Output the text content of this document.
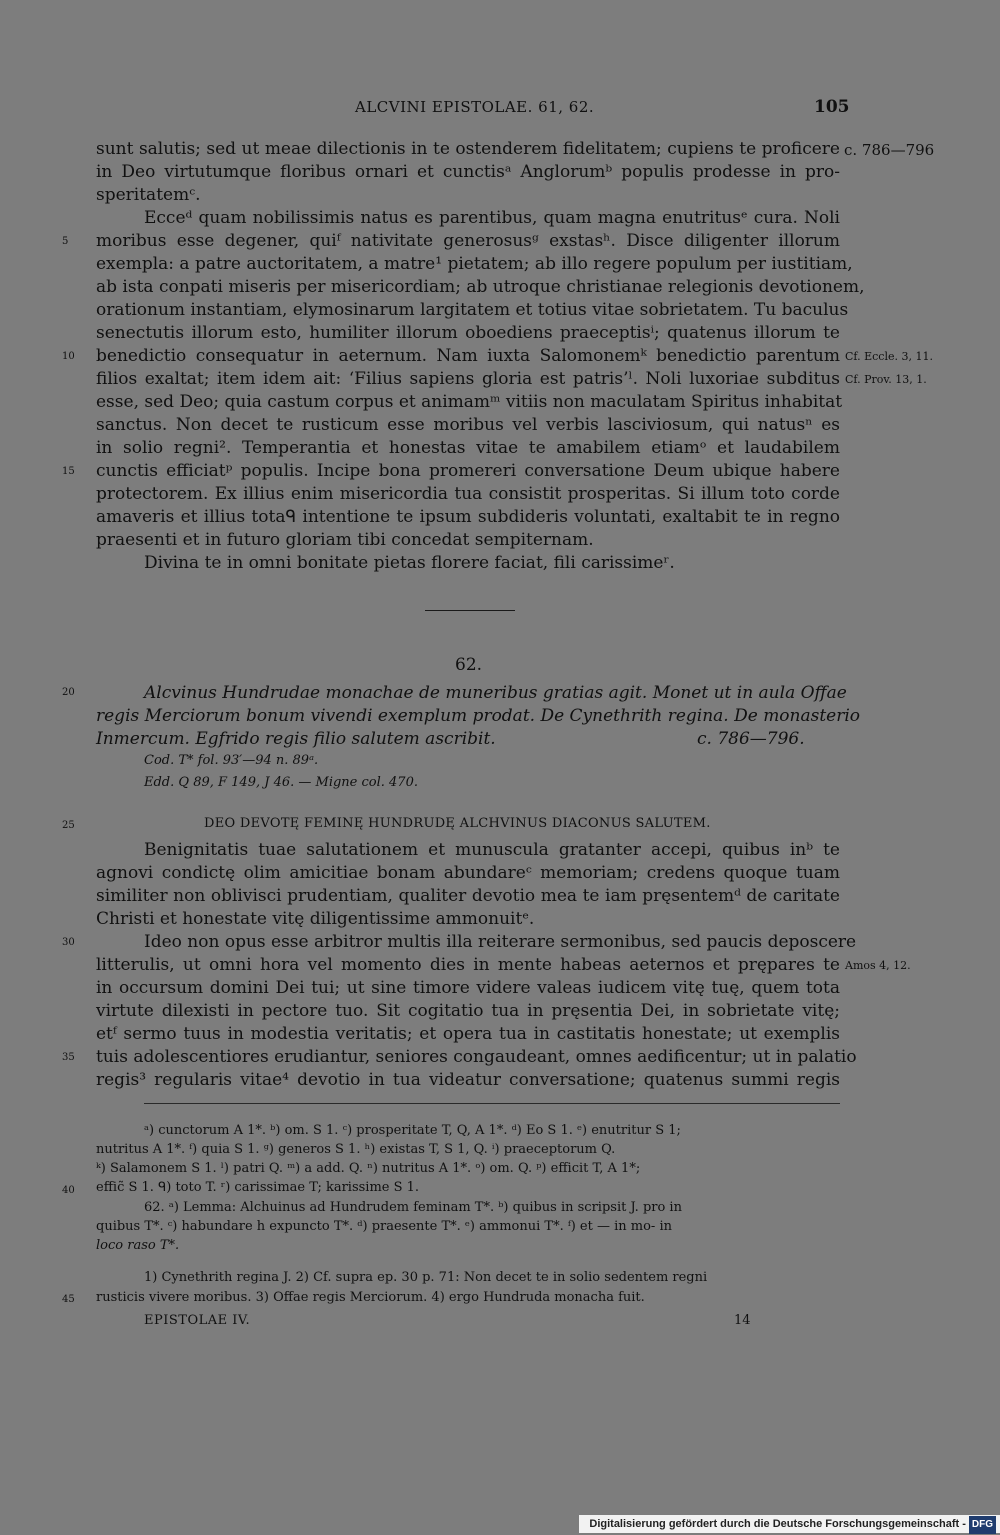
ALCVINI EPISTOLAE. 61, 62.	105
sunt salutis; sed ut meae dilectionis in te ostenderem fidelitatem; cupiens te proficere
in Deo virtutumque floribus ornari et cunctisᵃ Anglorumᵇ populis prodesse in pro-
speritatemᶜ.
Ecceᵈ quam nobilissimis natus es parentibus, quam magna enutritusᵉ cura. Noli
moribus esse degener, quiᶠ nativitate generosusᵍ exstasʰ. Disce diligenter illorum
exempla: a patre auctoritatem, a matre¹ pietatem; ab illo regere populum per iustitiam,
ab ista conpati miseris per misericordiam; ab utroque christianae relegionis devotionem,
orationum instantiam, elymosinarum largitatem et totius vitae sobrietatem. Tu baculus
senectutis illorum esto, humiliter illorum oboediens praeceptisⁱ; quatenus illorum te
benedictio consequatur in aeternum. Nam iuxta Salomonemᵏ benedictio parentum
filios exaltat; item idem ait: ‘Filius sapiens gloria est patris’ˡ. Noli luxoriae subditus
esse, sed Deo; quia castum corpus et animamᵐ vitiis non maculatam Spiritus inhabitat
sanctus. Non decet te rusticum esse moribus vel verbis lasciviosum, qui natusⁿ es
in solio regni². Temperantia et honestas vitae te amabilem etiamᵒ et laudabilem
cunctis efficiatᵖ populis. Incipe bona promereri conversatione Deum ubique habere
protectorem. Ex illius enim misericordia tua consistit prosperitas. Si illum toto corde
amaveris et illius totaᑫ intentione te ipsum subdideris voluntati, exaltabit te in regno
praesenti et in futuro gloriam tibi concedat sempiternam.
Divina te in omni bonitate pietas florere faciat, fili carissimeʳ.
c. 786—796
Cf. Eccle. 3, 11.
Cf. Prov. 13, 1.
62.
Alcvinus Hundrudae monachae de muneribus gratias agit. Monet ut in aula Offae
regis Merciorum bonum vivendi exemplum prodat. De Cynethrith regina. De monasterio
Inmercum. Egfrido regis filio salutem ascribit.	c. 786—796.
Cod. T* fol. 93′—94 n. 89ᵃ.
Edd. Q 89, F 149, J 46. — Migne col. 470.
DEO DEVOTĘ FEMINĘ HUNDRUDĘ ALCHVINUS DIACONUS SALUTEM.
Benignitatis tuae salutationem et munuscula gratanter accepi, quibus inᵇ te
agnovi condictę olim amicitiae bonam abundareᶜ memoriam; credens quoque tuam
similiter non oblivisci prudentiam, qualiter devotio mea te iam pręsentemᵈ de caritate
Christi et honestate vitę diligentissime ammonuitᵉ.
Ideo non opus esse arbitror multis illa reiterare sermonibus, sed paucis deposcere
litterulis, ut omni hora vel momento dies in mente habeas aeternos et prępares te
in occursum domini Dei tui; ut sine timore videre valeas iudicem vitę tuę, quem tota
virtute dilexisti in pectore tuo. Sit cogitatio tua in pręsentia Dei, in sobrietate vitę;
etᶠ sermo tuus in modestia veritatis; et opera tua in castitatis honestate; ut exemplis
tuis adolescentiores erudiantur, seniores congaudeant, omnes aedificentur; ut in palatio
regis³ regularis vitae⁴ devotio in tua videatur conversatione; quatenus summi regis
Amos 4, 12.
5
10
15
20
25
30
35
40
45
ᵃ) cunctorum A 1*. ᵇ) om. S 1. ᶜ) prosperitate T, Q, A 1*. ᵈ) Eo S 1. ᵉ) enutritur S 1;
nutritus A 1*. ᶠ) quia S 1. ᵍ) generos S 1. ʰ) existas T, S 1, Q. ⁱ) praeceptorum Q.
ᵏ) Salamonem S 1. ˡ) patri Q. ᵐ) a add. Q. ⁿ) nutritus A 1*. ᵒ) om. Q. ᵖ) efficit T, A 1*;
effic̃ S 1. ᑫ) toto T. ʳ) carissimae T; karissime S 1.
62. ᵃ) Lemma: Alchuinus ad Hundrudem feminam T*. ᵇ) quibus in scripsit J. pro in
quibus T*. ᶜ) habundare h expuncto T*. ᵈ) praesente T*. ᵉ) ammonui T*. ᶠ) et — in mo- in
loco raso T*.
1) Cynethrith regina J. 2) Cf. supra ep. 30 p. 71: Non decet te in solio sedentem regni
rusticis vivere moribus. 3) Offae regis Merciorum. 4) ergo Hundruda monacha fuit.
EPISTOLAE IV.	14
Digitalisierung gefördert durch die Deutsche Forschungsgemeinschaft - DFG
